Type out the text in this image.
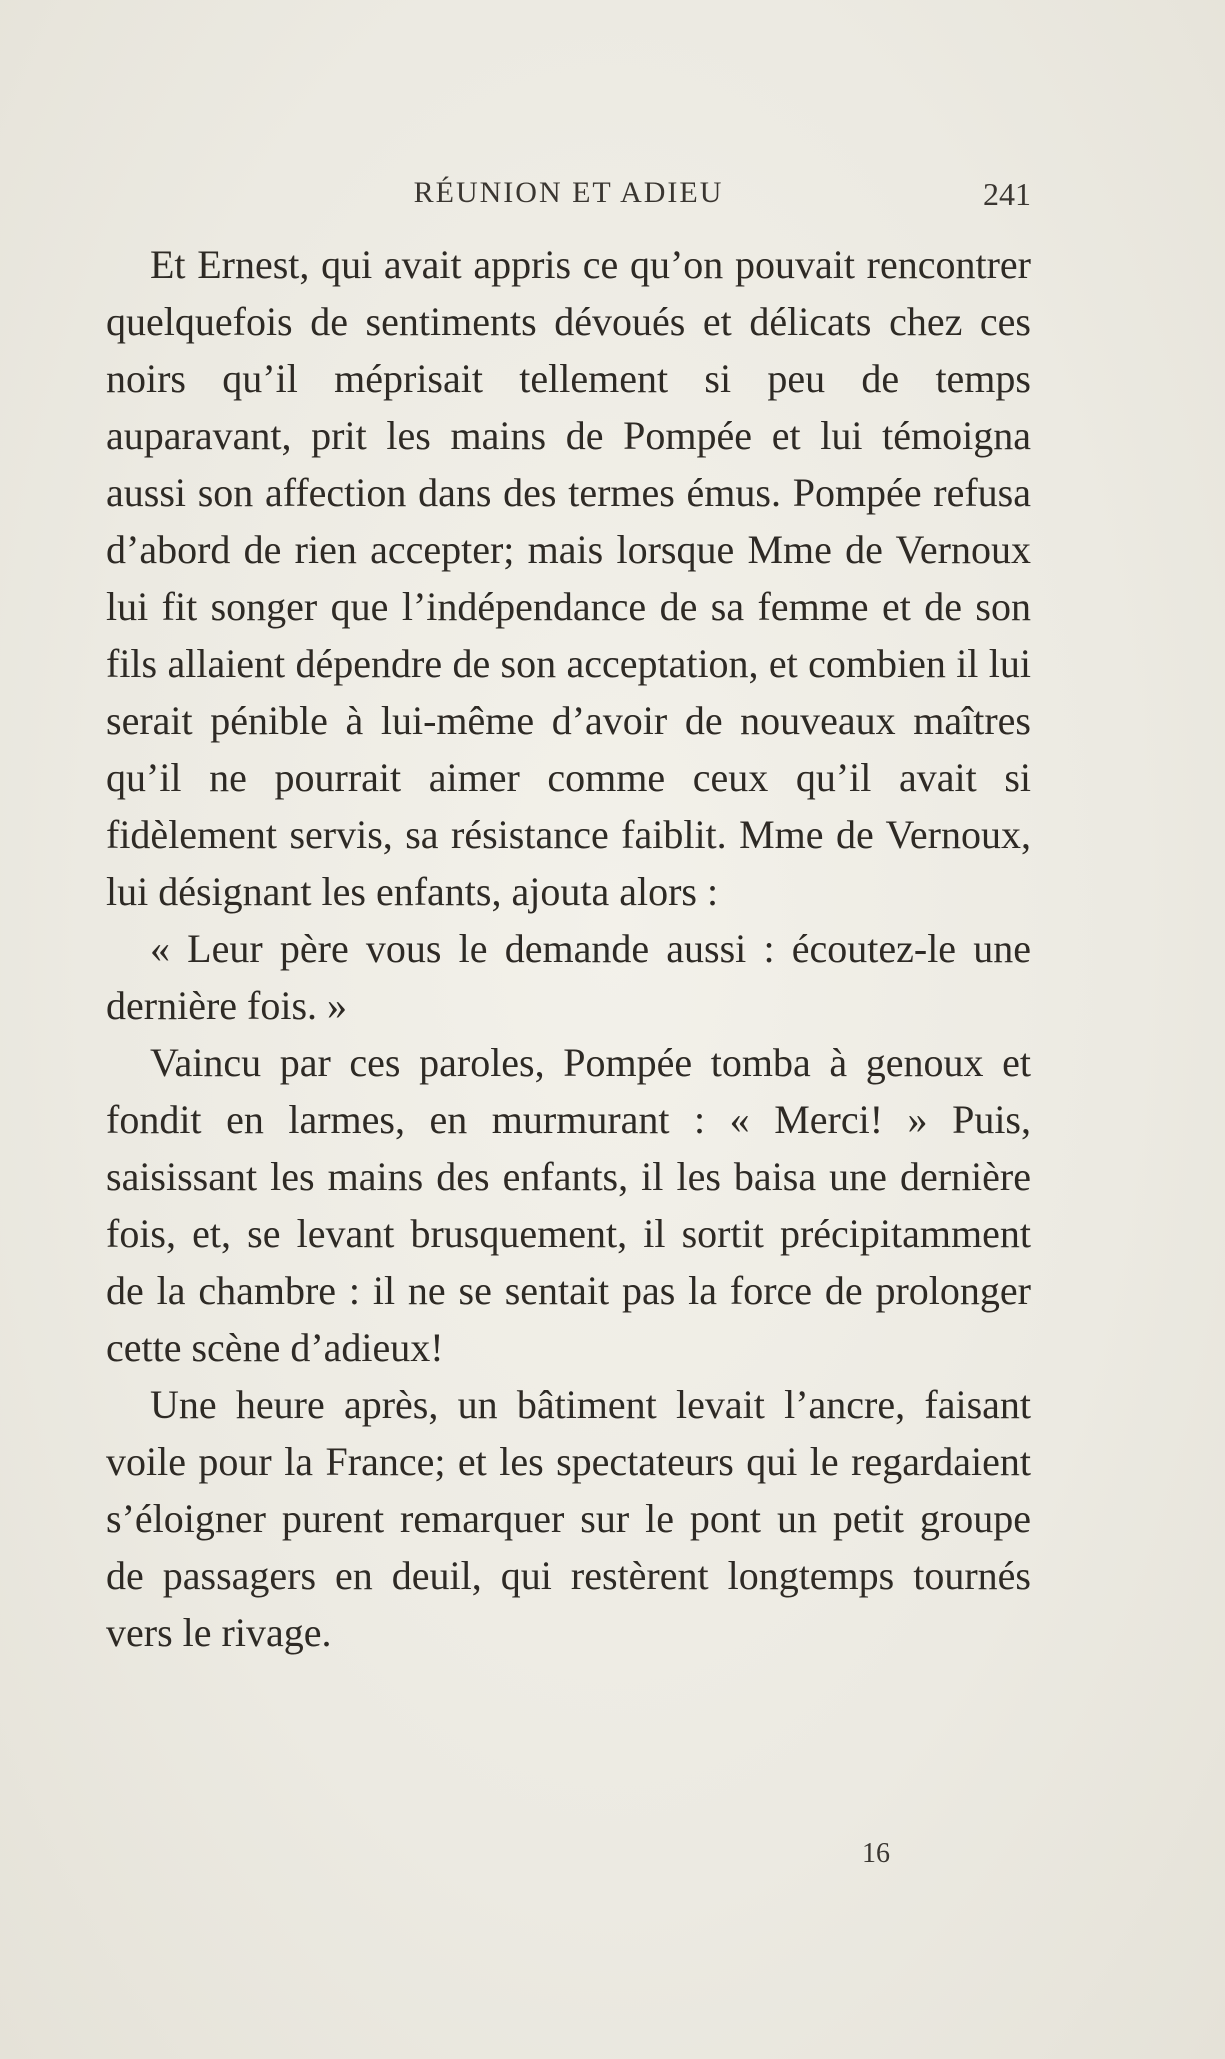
RÉUNION ET ADIEU	241

Et Ernest, qui avait appris ce qu’on pouvait rencontrer quelquefois de sentiments dévoués et délicats chez ces noirs qu’il méprisait tellement si peu de temps auparavant, prit les mains de Pompée et lui témoigna aussi son affection dans des termes émus. Pompée refusa d’abord de rien accepter; mais lorsque Mme de Vernoux lui fit songer que l’indépendance de sa femme et de son fils allaient dépendre de son acceptation, et combien il lui serait pénible à lui-même d’avoir de nouveaux maîtres qu’il ne pourrait aimer comme ceux qu’il avait si fidèlement servis, sa résistance faiblit. Mme de Vernoux, lui désignant les enfants, ajouta alors :

« Leur père vous le demande aussi : écoutez-le une dernière fois. »

Vaincu par ces paroles, Pompée tomba à genoux et fondit en larmes, en murmurant : « Merci! » Puis, saisissant les mains des enfants, il les baisa une dernière fois, et, se levant brusquement, il sortit précipitamment de la chambre : il ne se sentait pas la force de prolonger cette scène d’adieux!

Une heure après, un bâtiment levait l’ancre, faisant voile pour la France; et les spectateurs qui le regardaient s’éloigner purent remarquer sur le pont un petit groupe de passagers en deuil, qui restèrent longtemps tournés vers le rivage.

16
